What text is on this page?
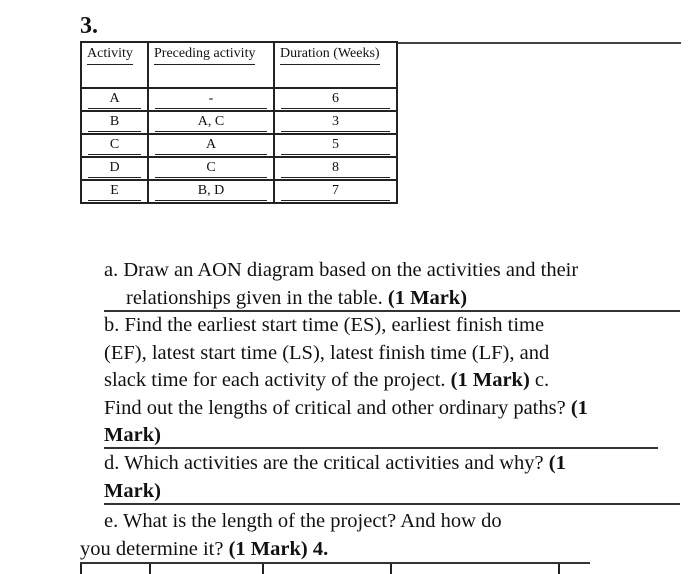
3.
Activity	Preceding activity	Duration (Weeks)

A	-	6

B	A, C	3

C	A	5

D	C	8

E	B, D	7
a. Draw an AON diagram based on the activities and their

relationships given in the table. (1 Mark)
b. Find the earliest start time (ES), earliest finish time
(EF), latest start time (LS), latest finish time (LF), and
slack time for each activity of the project. (1 Mark) c.
Find out the lengths of critical and other ordinary paths? (1
Mark)
d. Which activities are the critical activities and why? (1
Mark)
e. What is the length of the project? And how do
you determine it? (1 Mark) 4.
